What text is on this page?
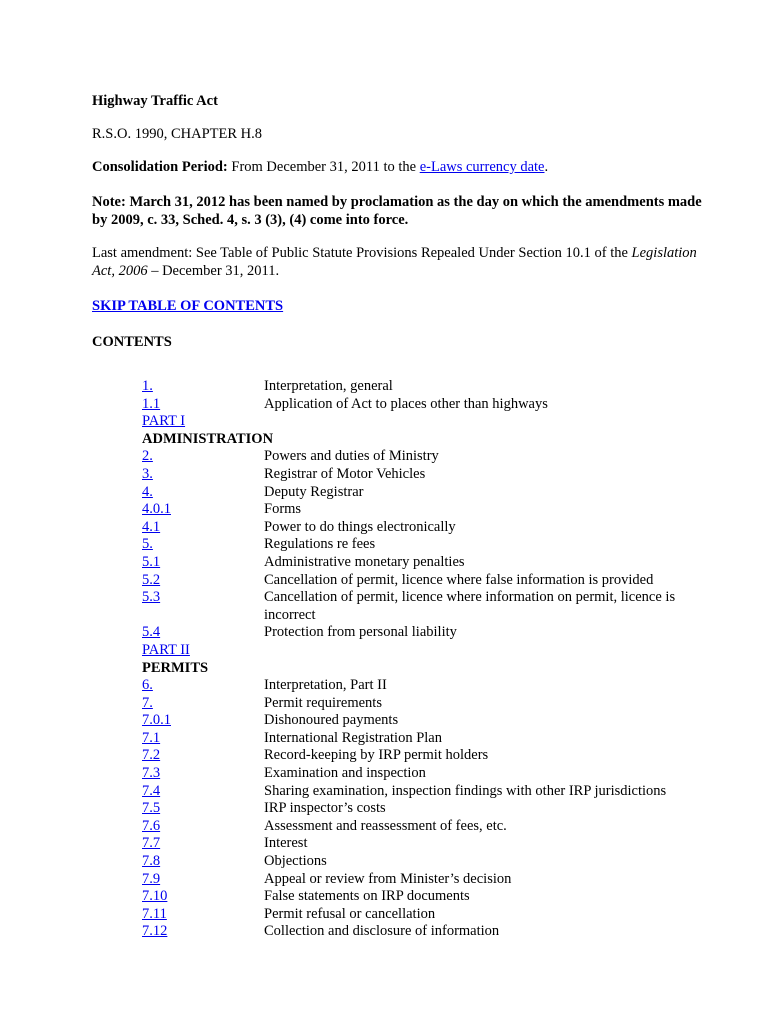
Highway Traffic Act

R.S.O. 1990, CHAPTER H.8

Consolidation Period: From December 31, 2011 to the e-Laws currency date.

Note: March 31, 2012 has been named by proclamation as the day on which the amendments made by 2009, c. 33, Sched. 4, s. 3 (3), (4) come into force.

Last amendment: See Table of Public Statute Provisions Repealed Under Section 10.1 of the Legislation Act, 2006 – December 31, 2011.

SKIP TABLE OF CONTENTS

CONTENTS

1.	Interpretation, general
1.1	Application of Act to places other than highways
PART I
ADMINISTRATION
2.	Powers and duties of Ministry
3.	Registrar of Motor Vehicles
4.	Deputy Registrar
4.0.1	Forms
4.1	Power to do things electronically
5.	Regulations re fees
5.1	Administrative monetary penalties
5.2	Cancellation of permit, licence where false information is provided
5.3	Cancellation of permit, licence where information on permit, licence is incorrect
5.4	Protection from personal liability
PART II
PERMITS
6.	Interpretation, Part II
7.	Permit requirements
7.0.1	Dishonoured payments
7.1	International Registration Plan
7.2	Record-keeping by IRP permit holders
7.3	Examination and inspection
7.4	Sharing examination, inspection findings with other IRP jurisdictions
7.5	IRP inspector’s costs
7.6	Assessment and reassessment of fees, etc.
7.7	Interest
7.8	Objections
7.9	Appeal or review from Minister’s decision
7.10	False statements on IRP documents
7.11	Permit refusal or cancellation
7.12	Collection and disclosure of information
